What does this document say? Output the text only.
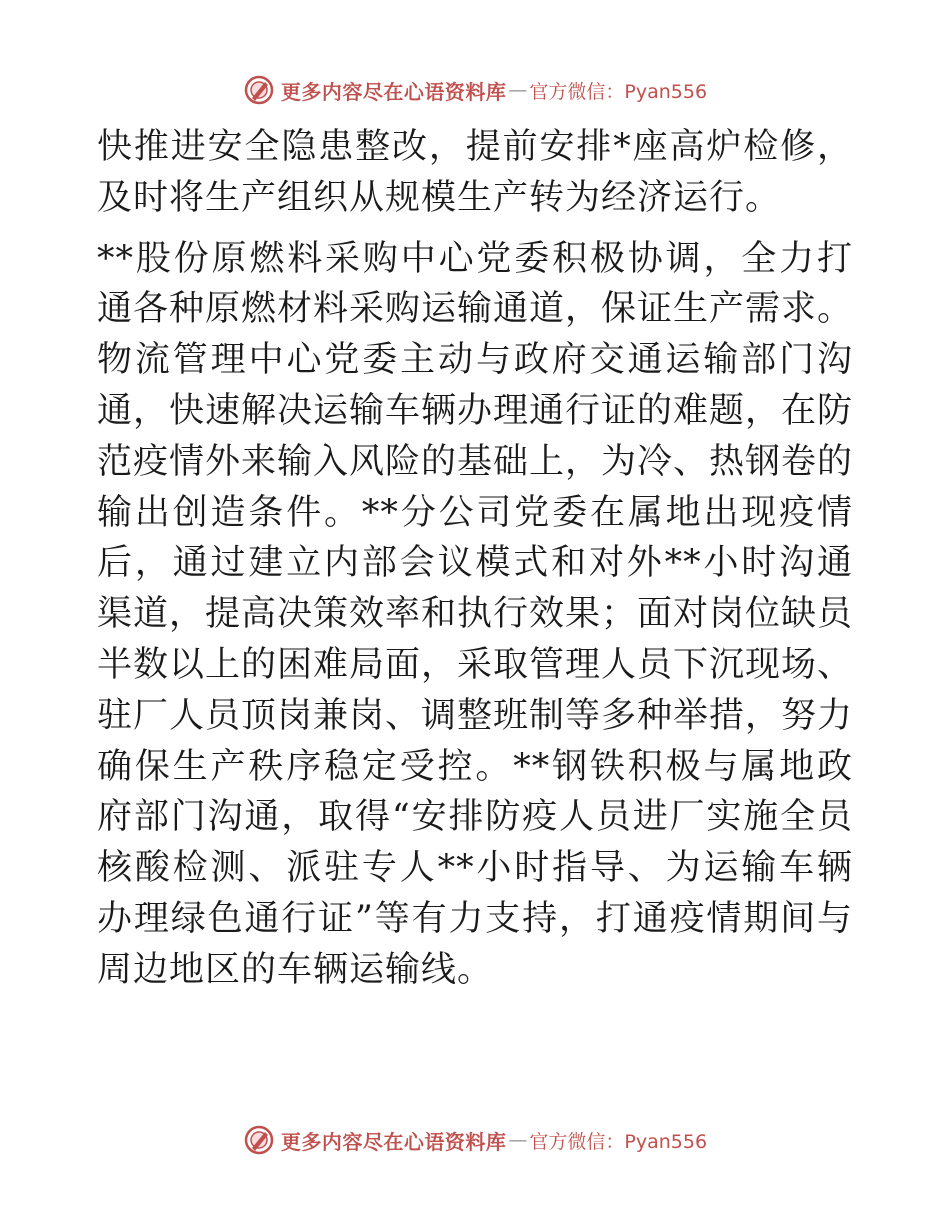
更多内容尽在心语资料库 — 官方微信：Pyan556

快推进安全隐患整改，提前安排*座高炉检修，及时将生产组织从规模生产转为经济运行。

**股份原燃料采购中心党委积极协调，全力打通各种原燃材料采购运输通道，保证生产需求。物流管理中心党委主动与政府交通运输部门沟通，快速解决运输车辆办理通行证的难题，在防范疫情外来输入风险的基础上，为冷、热钢卷的输出创造条件。**分公司党委在属地出现疫情后，通过建立内部会议模式和对外**小时沟通渠道，提高决策效率和执行效果；面对岗位缺员半数以上的困难局面，采取管理人员下沉现场、驻厂人员顶岗兼岗、调整班制等多种举措，努力确保生产秩序稳定受控。**钢铁积极与属地政府部门沟通，取得“安排防疫人员进厂实施全员核酸检测、派驻专人**小时指导、为运输车辆办理绿色通行证”等有力支持，打通疫情期间与周边地区的车辆运输线。

更多内容尽在心语资料库 — 官方微信：Pyan556
